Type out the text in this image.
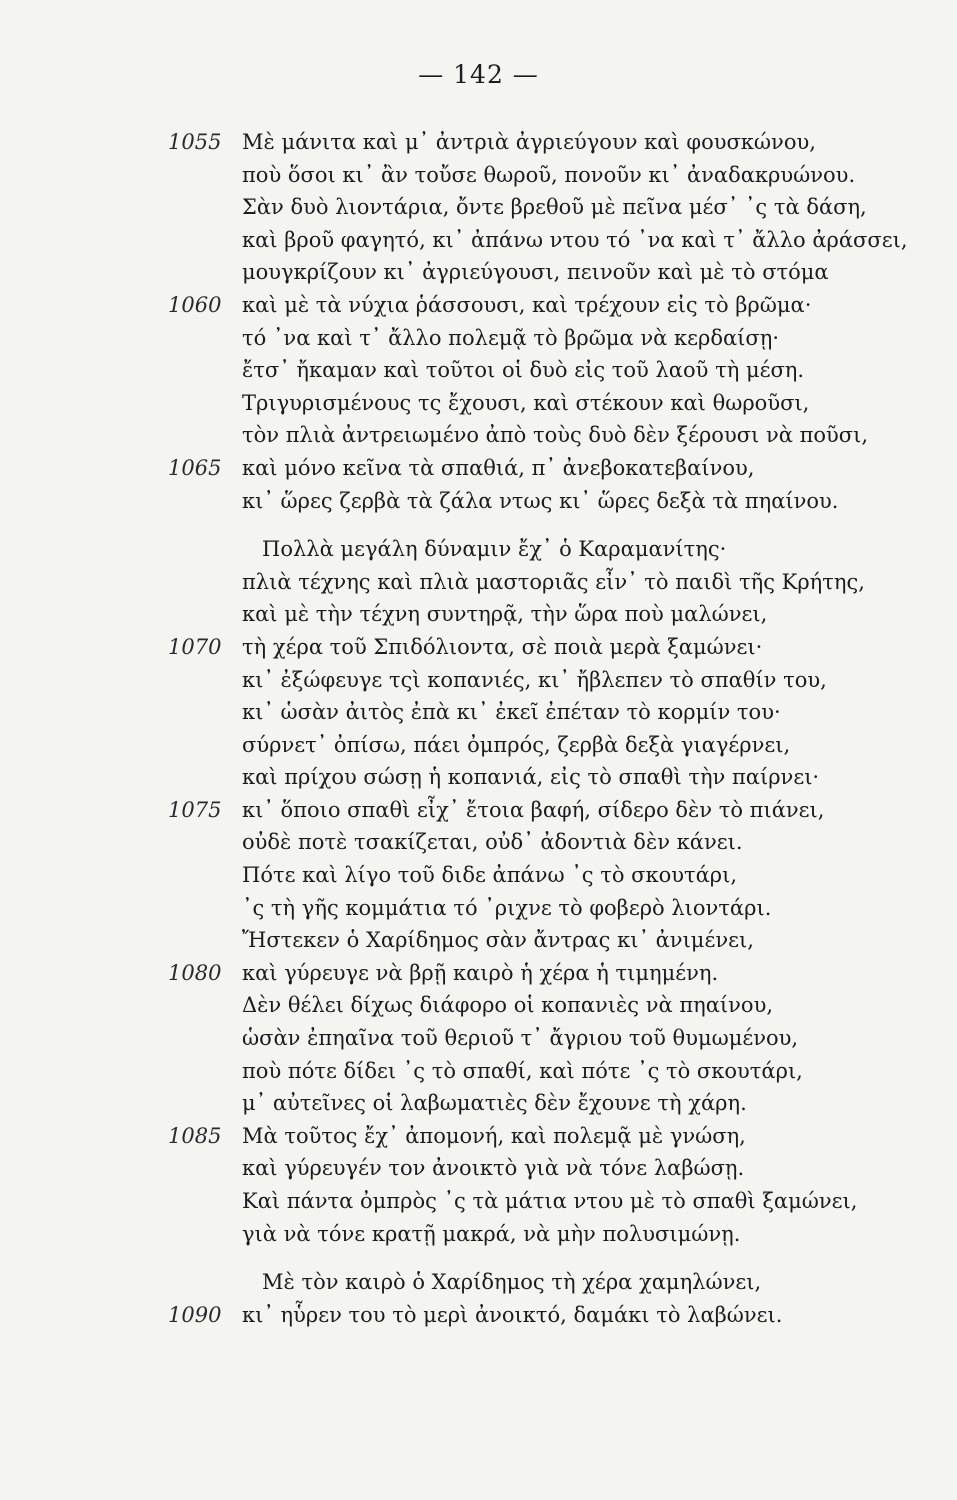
— 142 —
1055 Μὲ μάνιτα καὶ μ᾽ ἀντριὰ ἀγριεύγουν καὶ φουσκώνου,
ποὺ ὅσοι κι᾽ ἂν τοὔσε θωροῦ, πονοῦν κι᾽ ἀναδακρυώνου.
Σὰν δυὸ λιοντάρια, ὄντε βρεθοῦ μὲ πεῖνα μέσ᾽ ᾽ς τὰ δάση,
καὶ βροῦ φαγητό, κι᾽ ἀπάνω ντου τό ᾽να καὶ τ᾽ ἄλλο ἀράσσει,
μουγκρίζουν κι᾽ ἀγριεύγουσι, πεινοῦν καὶ μὲ τὸ στόμα
1060 καὶ μὲ τὰ νύχια ῥάσσουσι, καὶ τρέχουν εἰς τὸ βρῶμα·
τό ᾽να καὶ τ᾽ ἄλλο πολεμᾷ τὸ βρῶμα νὰ κερδαίσῃ·
ἔτσ᾽ ἤκαμαν καὶ τοῦτοι οἱ δυὸ εἰς τοῦ λαοῦ τὴ μέση.
Τριγυρισμένους τς ἔχουσι, καὶ στέκουν καὶ θωροῦσι,
τὸν πλιὰ ἀντρειωμένο ἀπὸ τοὺς δυὸ δὲν ξέρουσι νὰ ποῦσι,
1065 καὶ μόνο κεῖνα τὰ σπαθιά, π᾽ ἀνεβοκατεβαίνου,
κι᾽ ὥρες ζερβὰ τὰ ζάλα ντως κι᾽ ὥρες δεξὰ τὰ πηαίνου.
Πολλὰ μεγάλη δύναμιν ἔχ᾽ ὁ Καραμανίτης·
πλιὰ τέχνης καὶ πλιὰ μαστοριᾶς εἶν᾽ τὸ παιδὶ τῆς Κρήτης,
καὶ μὲ τὴν τέχνη συντηρᾷ, τὴν ὥρα ποὺ μαλώνει,
1070 τὴ χέρα τοῦ Σπιδόλιοντα, σὲ ποιὰ μερὰ ξαμώνει·
κι᾽ ἐξώφευγε τςὶ κοπανιές, κι᾽ ἤβλεπεν τὸ σπαθίν του,
κι᾽ ὡσὰν ἀιτὸς ἐπὰ κι᾽ ἐκεῖ ἐπέταν τὸ κορμίν του·
σύρνετ᾽ ὀπίσω, πάει ὀμπρός, ζερβὰ δεξὰ γιαγέρνει,
καὶ πρίχου σώσῃ ἡ κοπανιά, εἰς τὸ σπαθὶ τὴν παίρνει·
1075 κι᾽ ὅποιο σπαθὶ εἶχ᾽ ἔτοια βαφή, σίδερο δὲν τὸ πιάνει,
οὐδὲ ποτὲ τσακίζεται, οὐδ᾽ ἀδοντιὰ δὲν κάνει.
Πότε καὶ λίγο τοῦ διδε ἀπάνω ᾽ς τὸ σκουτάρι,
᾽ς τὴ γῆς κομμάτια τό ᾽ριχνε τὸ φοβερὸ λιοντάρι.
Ἤστεκεν ὁ Χαρίδημος σὰν ἄντρας κι᾽ ἀνιμένει,
1080 καὶ γύρευγε νὰ βρῇ καιρὸ ἡ χέρα ἡ τιμημένη.
Δὲν θέλει δίχως διάφορο οἱ κοπανιὲς νὰ πηαίνου,
ὡσὰν ἐπηαῖνα τοῦ θεριοῦ τ᾽ ἄγριου τοῦ θυμωμένου,
ποὺ πότε δίδει ᾽ς τὸ σπαθί, καὶ πότε ᾽ς τὸ σκουτάρι,
μ᾽ αὐτεῖνες οἱ λαβωματιὲς δὲν ἔχουνε τὴ χάρη.
1085 Μὰ τοῦτος ἔχ᾽ ἀπομονή, καὶ πολεμᾷ μὲ γνώση,
καὶ γύρευγέν τον ἀνοικτὸ γιὰ νὰ τόνε λαβώσῃ.
Καὶ πάντα ὀμπρὸς ᾽ς τὰ μάτια ντου μὲ τὸ σπαθὶ ξαμώνει,
γιὰ νὰ τόνε κρατῇ μακρά, νὰ μὴν πολυσιμώνῃ.
Μὲ τὸν καιρὸ ὁ Χαρίδημος τὴ χέρα χαμηλώνει,
1090 κι᾽ ηὗρεν του τὸ μερὶ ἀνοικτό, δαμάκι τὸ λαβώνει.
